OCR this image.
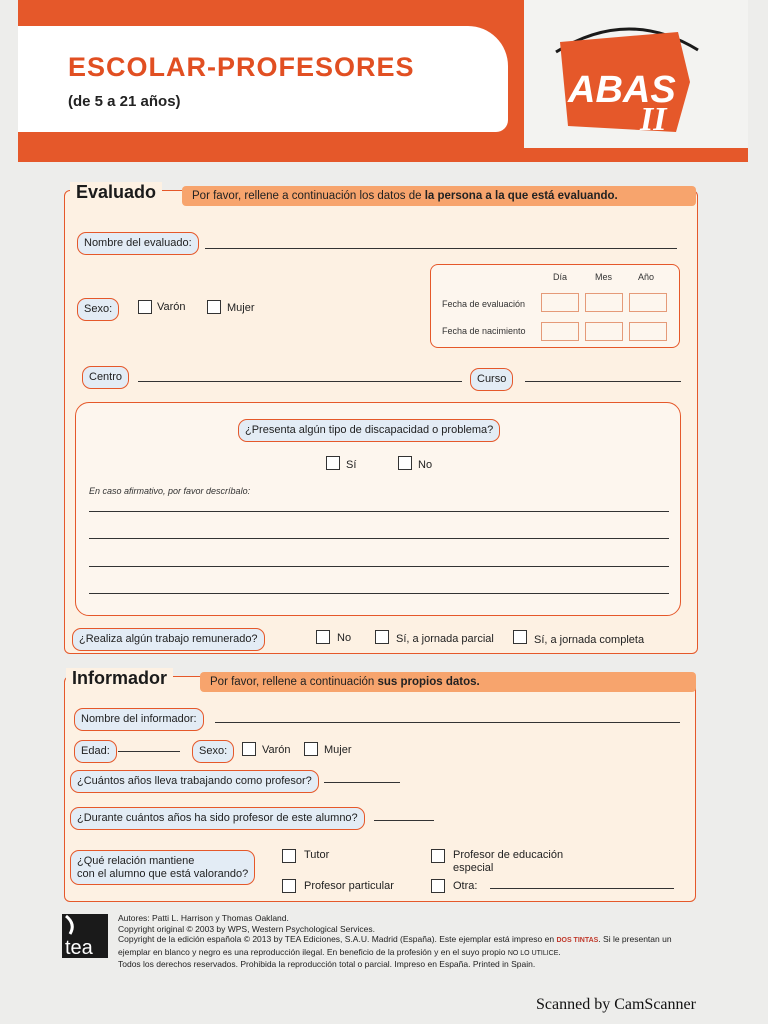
ESCOLAR-PROFESORES
(de 5 a 21 años)	ABAS
II
Evaluado	Por favor, rellene a continuación los datos de la persona a la que está evaluando.
Nombre del evaluado:
Sexo:	Varón	Mujer
Día	Mes	Año
Fecha de evaluación
Fecha de nacimiento
Centro	Curso
¿Presenta algún tipo de discapacidad o problema?
Sí	No
En caso afirmativo, por favor descríbalo:
¿Realiza algún trabajo remunerado?	No	Sí, a jornada parcial	Sí, a jornada completa
Informador	Por favor, rellene a continuación sus propios datos.
Nombre del informador:
Edad:	Sexo:	Varón	Mujer
¿Cuántos años lleva trabajando como profesor?
¿Durante cuántos años ha sido profesor de este alumno?
¿Qué relación mantiene
con el alumno que está valorando?
Tutor	Profesor de educación
especial
Profesor particular	Otra:
tea
Autores: Patti L. Harrison y Thomas Oakland.
Copyright original © 2003 by WPS, Western Psychological Services.
Copyright de la edición española © 2013 by TEA Ediciones, S.A.U. Madrid (España). Este ejemplar está impreso en DOS TINTAS. Si le presentan un
ejemplar en blanco y negro es una reproducción ilegal. En beneficio de la profesión y en el suyo propio NO LO UTILICE.
Todos los derechos reservados. Prohibida la reproducción total o parcial. Impreso en España. Printed in Spain.
Scanned by CamScanner
